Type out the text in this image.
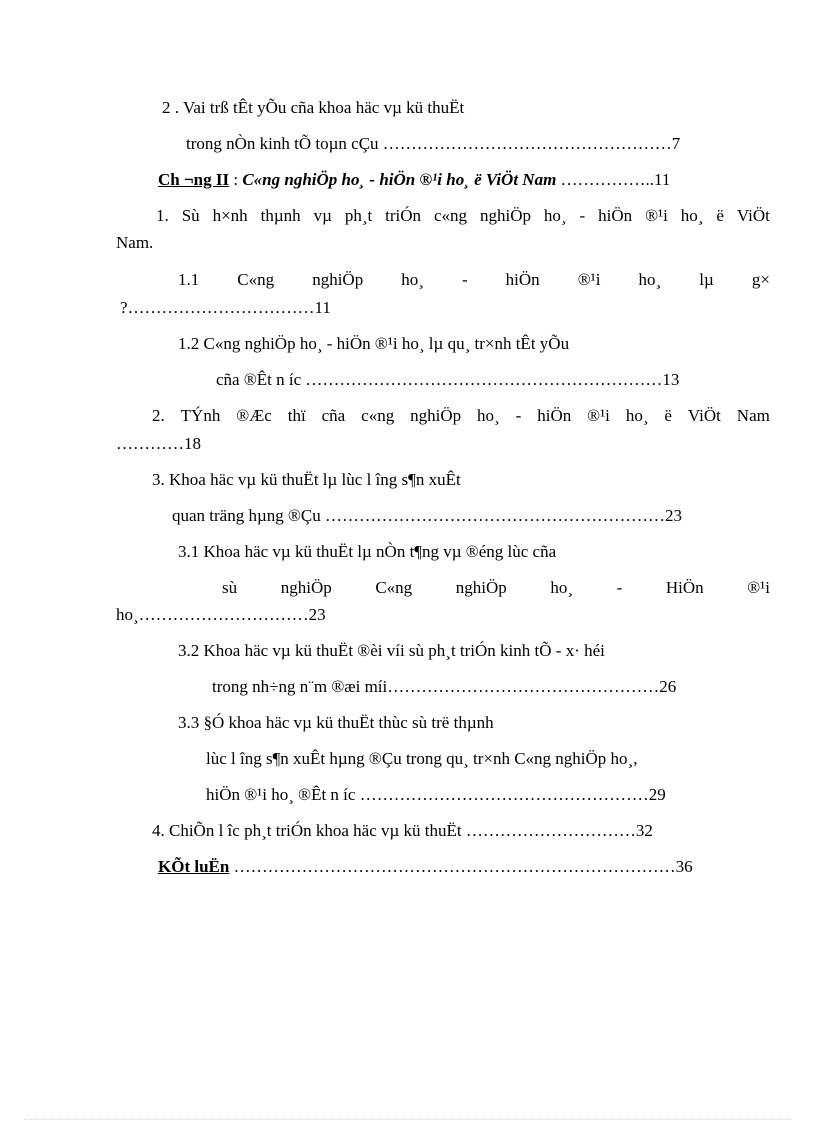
2 . Vai trß tÊt yÕu cña khoa häc vµ kü thuËt
trong nÒn kinh tÕ toµn cÇu ……………………………………………7
Ch ¬ng II : C«ng nghiÖp ho¸ - hiÖn ®¹i ho¸ ë ViÖt Nam ……………..11
1. Sù h×nh thµnh vµ ph¸t triÓn c«ng nghiÖp ho¸ - hiÖn ®¹i ho¸ ë ViÖt
Nam.
1.1 C«ng nghiÖp ho¸ - hiÖn ®¹i ho¸ lµ g×
?……………………………11
1.2 C«ng nghiÖp ho¸ - hiÖn ®¹i ho¸ lµ qu¸ tr×nh tÊt yÕu
cña ®Êt n íc ………………………………………………………13
2. TÝnh ®Æc thï cña c«ng nghiÖp ho¸ - hiÖn ®¹i ho¸ ë ViÖt Nam
…………18
3. Khoa häc vµ kü thuËt lµ lùc l îng s¶n xuÊt
quan träng hµng ®Çu ……………………………………………………23
3.1 Khoa häc vµ kü thuËt lµ nÒn t¶ng vµ ®éng lùc cña
sù	nghiÖp	C«ng	nghiÖp	ho¸	-	HiÖn	®¹i
ho¸…………………………23
3.2 Khoa häc vµ kü thuËt ®èi víi sù ph¸t triÓn kinh tÕ - x· héi
trong nh÷ng n¨m ®æi míi…………………………………………26
3.3 §Ó khoa häc vµ kü thuËt thùc sù trë thµnh
lùc l îng s¶n xuÊt hµng ®Çu trong qu¸ tr×nh C«ng nghiÖp ho¸,
hiÖn ®¹i ho¸ ®Êt n íc ……………………………………………29
4. ChiÕn l îc ph¸t triÓn khoa häc vµ kü thuËt …………………………32
KÕt luËn ……………………………………………………………………36
